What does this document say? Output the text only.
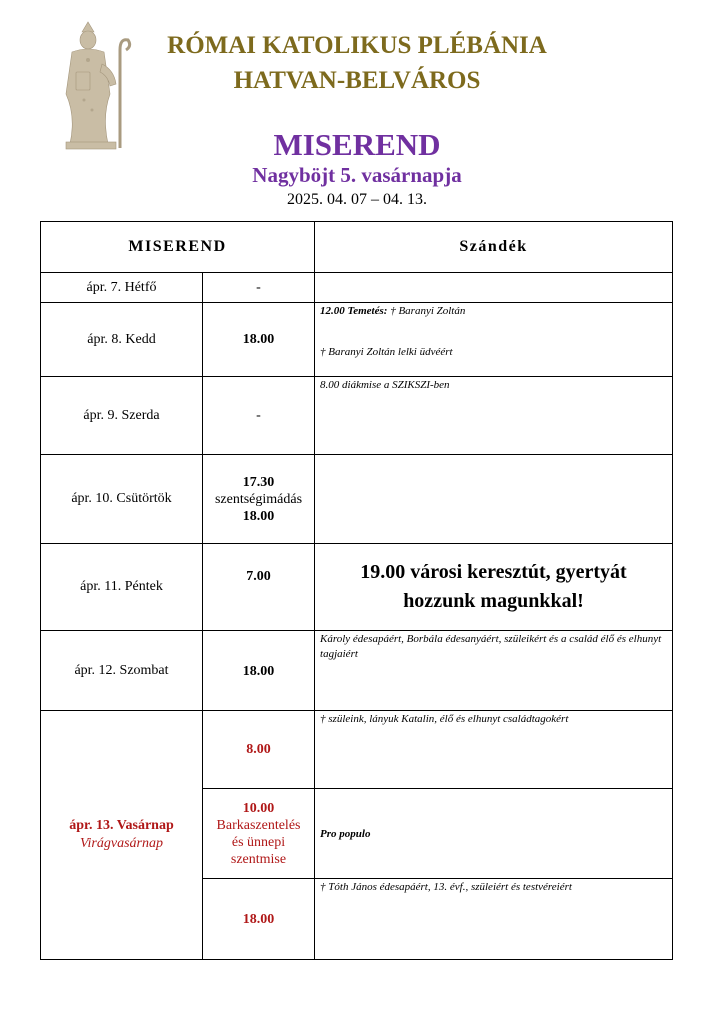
RÓMAI KATOLIKUS PLÉBÁNIA
HATVAN-BELVÁROS
MISEREND
Nagyböjt 5. vasárnapja
2025. 04. 07 – 04. 13.
MISEREND		Szándék
ápr. 7. Hétfő	-	
ápr. 8. Kedd	18.00	12.00 Temetés: † Baranyi Zoltán
† Baranyi Zoltán lelki üdvéért

ápr. 9. Szerda	-	8.00 diákmise a SZIKSZI-ben
ápr. 10. Csütörtök	17.30
szentségimádás
18.00	

ápr. 11. Péntek	7.00	19.00 városi keresztút, gyertyát
hozzunk magunkkal!

ápr. 12. Szombat	18.00	Károly édesapáért, Borbála édesanyáért, szüleikért és a család élő és elhunyt tagjaiért

ápr. 13. Vasárnap
Virágvasárnap	8.00	† szüleink, lányuk Katalin, élő és elhunyt családtagokért

	10.00
Barkaszentelés
és ünnepi
szentmise	Pro populo
	18.00	† Tóth János édesapáért, 13. évf., szüleiért és testvéreiért
